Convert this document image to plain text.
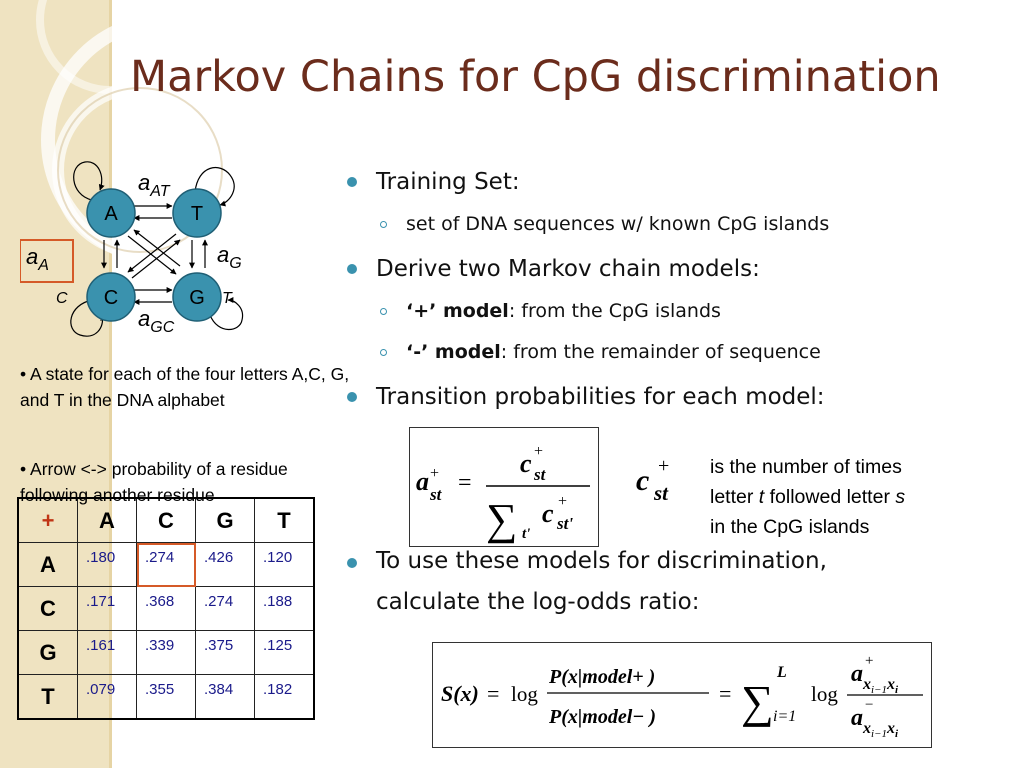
Markov Chains for CpG discrimination
A	T
C	G
$a_{AT}$
$a_A$
C
$a_G$
T
$a_{GC}$

• A state for each of the four letters A,C, G, and T in the DNA alphabet

• Arrow <-> probability of a residue following another residue

+	A	C	G	T
A	.180	.274	.426	.120
C	.171	.368	.274	.188
G	.161	.339	.375	.125
T	.079	.355	.384	.182
Training Set:
set of DNA sequences w/ known CpG islands
Derive two Markov chain models:
‘+’ model: from the CpG islands
‘-’ model: from the remainder of sequence
Transition probabilities for each model:
To use these models for discrimination,
calculate the log-odds ratio:
a +
st =
c +
st
∑ t'
c +
st'
c +
st

is the number of times
letter t followed letter s
in the CpG islands

S(x) = log
P(x|model+ )
P(x|model− )
= ∑
L
i=1
log
a +
$x_{i-1}x_i$
a −
$x_{i-1}x_i$
